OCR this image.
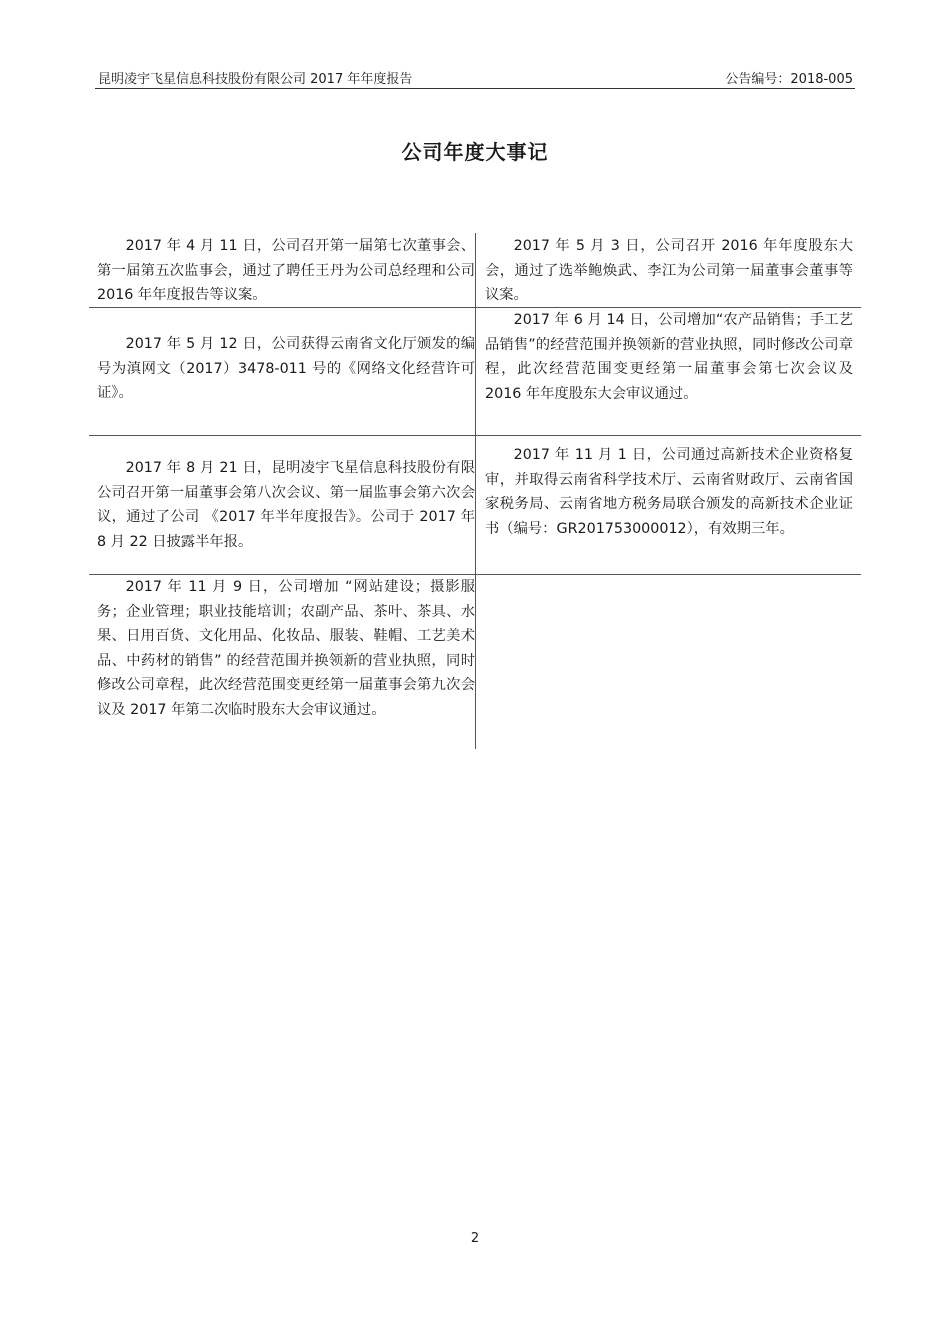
昆明凌宇飞星信息科技股份有限公司 2017 年年度报告	公告编号：2018-005
公司年度大事记
2017 年 4 月 11 日，公司召开第一届第七次董事会、第一届第五次监事会，通过了聘任王丹为公司总经理和公司 2016 年年度报告等议案。
2017 年 5 月 3 日，公司召开 2016 年年度股东大会，通过了选举鲍焕武、李江为公司第一届董事会董事等议案。
2017 年 5 月 12 日，公司获得云南省文化厅颁发的编号为滇网文（2017）3478-011 号的《网络文化经营许可证》。
2017 年 6 月 14 日，公司增加“农产品销售；手工艺品销售”的经营范围并换领新的营业执照，同时修改公司章程，此次经营范围变更经第一届董事会第七次会议及 2016 年年度股东大会审议通过。
2017 年 8 月 21 日，昆明凌宇飞星信息科技股份有限公司召开第一届董事会第八次会议、第一届监事会第六次会议，通过了公司 《2017 年半年度报告》。公司于 2017 年 8 月 22 日披露半年报。
2017 年 11 月 1 日，公司通过高新技术企业资格复审，并取得云南省科学技术厅、云南省财政厅、云南省国家税务局、云南省地方税务局联合颁发的高新技术企业证书（编号：GR201753000012），有效期三年。
2017 年 11 月 9 日，公司增加 “网站建设；摄影服务；企业管理；职业技能培训；农副产品、茶叶、茶具、水果、日用百货、文化用品、化妆品、服装、鞋帽、工艺美术品、中药材的销售” 的经营范围并换领新的营业执照，同时修改公司章程，此次经营范围变更经第一届董事会第九次会议及 2017 年第二次临时股东大会审议通过。
2
